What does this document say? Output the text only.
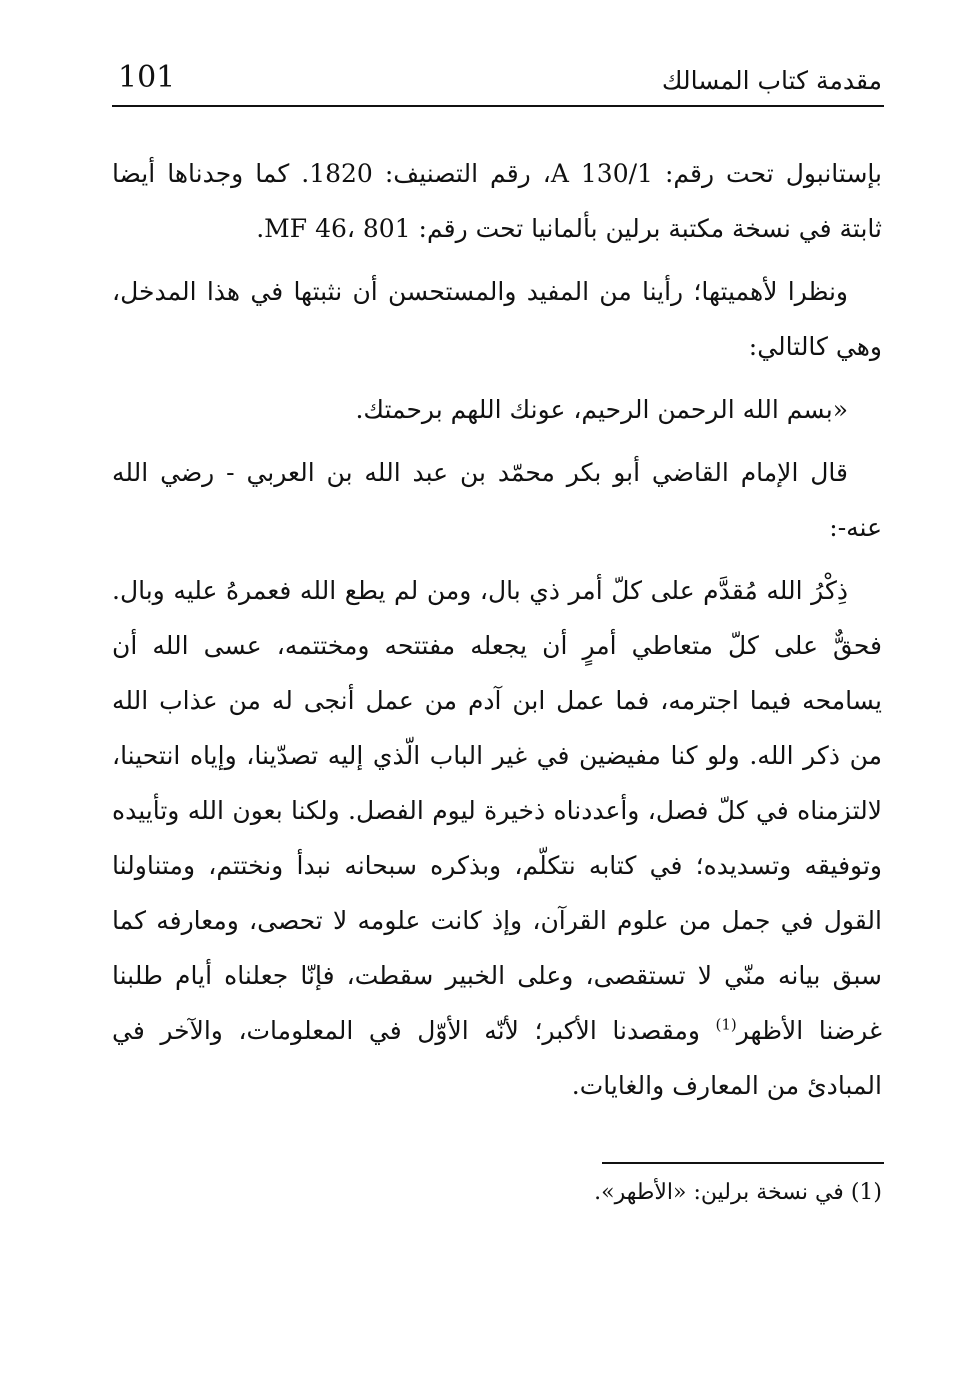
101	مقدمة كتاب المسالك

بإستانبول تحت رقم: A 130/1، رقم التصنيف: 1820. كما وجدناها أيضا ثابتة في نسخة مكتبة برلين بألمانيا تحت رقم: MF 46، 801.

ونظرا لأهميتها؛ رأينا من المفيد والمستحسن أن نثبتها في هذا المدخل، وهي كالتالي:

«بسم الله الرحمن الرحيم، عونك اللهم برحمتك.

قال الإمام القاضي أبو بكر محمّد بن عبد الله بن العربي - رضي الله عنه-:

ذِكْرُ الله مُقدَّم على كلّ أمر ذي بال، ومن لم يطع الله فعمرهُ عليه وبال. فحقٌّ على كلّ متعاطي أمرٍ أن يجعله مفتتحه ومختتمه، عسى الله أن يسامحه فيما اجترمه، فما عمل ابن آدم من عمل أنجى له من عذاب الله من ذكر الله. ولو كنا مفيضين في غير الباب الّذي إليه تصدّينا، وإياه انتحينا، لالتزمناه في كلّ فصل، وأعددناه ذخيرة ليوم الفصل. ولكنا بعون الله وتأييده وتوفيقه وتسديده؛ في كتابه نتكلّم، وبذكره سبحانه نبدأ ونختتم، ومتناولنا القول في جمل من علوم القرآن، وإذ كانت علومه لا تحصى، ومعارفه كما سبق بيانه منّي لا تستقصى، وعلى الخبير سقطت، فإنّا جعلناه أيام طلبنا غرضنا الأظهر$^{(1)}$ ومقصدنا الأكبر؛ لأنّه الأوّل في المعلومات، والآخر في المبادئ من المعارف والغايات.

(1) في نسخة برلين: «الأطهر».
